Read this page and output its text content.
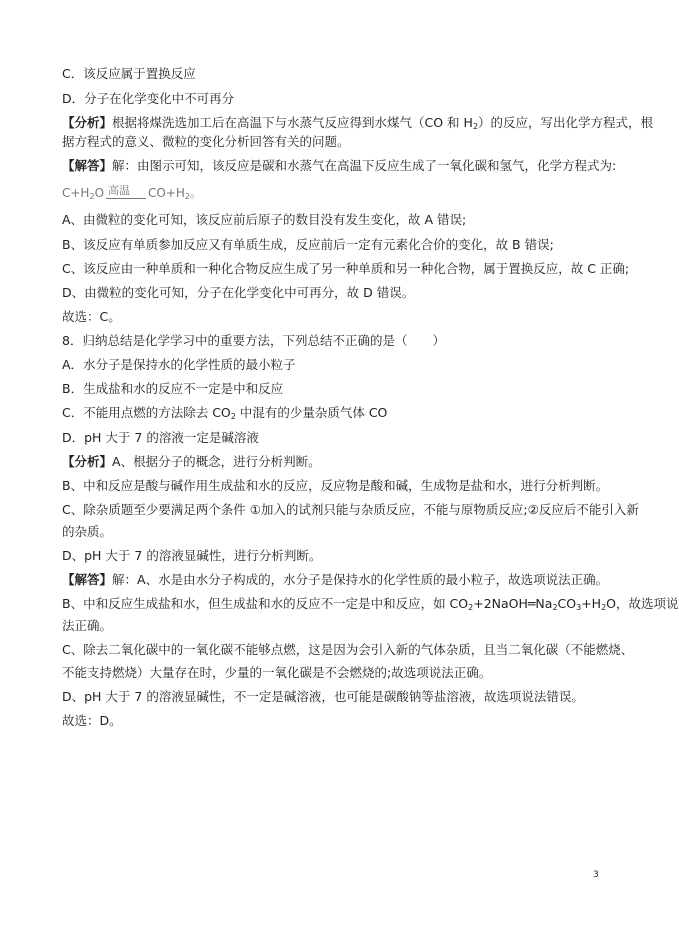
C．该反应属于置换反应
D．分子在化学变化中不可再分
【分析】根据将煤洗选加工后在高温下与水蒸气反应得到水煤气（CO 和 $H_2$）的反应，写出化学方程式，根
据方程式的意义、微粒的变化分析回答有关的问题。
【解答】解：由图示可知，该反应是碳和水蒸气在高温下反应生成了一氧化碳和氢气，化学方程式为:
$C+H_2O$ 高温 $CO+H_2$。
A、由微粒的变化可知，该反应前后原子的数目没有发生变化，故 A 错误;
B、该反应有单质参加反应又有单质生成，反应前后一定有元素化合价的变化，故 B 错误;
C、该反应由一种单质和一种化合物反应生成了另一种单质和另一种化合物，属于置换反应，故 C 正确;
D、由微粒的变化可知，分子在化学变化中可再分，故 D 错误。
故选：C。
8．归纳总结是化学学习中的重要方法，下列总结不正确的是（　　）
A．水分子是保持水的化学性质的最小粒子
B．生成盐和水的反应不一定是中和反应
C．不能用点燃的方法除去 $CO_2$ 中混有的少量杂质气体 CO
D．pH 大于 7 的溶液一定是碱溶液
【分析】A、根据分子的概念，进行分析判断。
B、中和反应是酸与碱作用生成盐和水的反应，反应物是酸和碱，生成物是盐和水，进行分析判断。
C、除杂质题至少要满足两个条件 ①加入的试剂只能与杂质反应，不能与原物质反应;②反应后不能引入新
的杂质。
D、pH 大于 7 的溶液显碱性，进行分析判断。
【解答】解：A、水是由水分子构成的，水分子是保持水的化学性质的最小粒子，故选项说法正确。
B、中和反应生成盐和水，但生成盐和水的反应不一定是中和反应，如 $CO_2+2NaOH═Na_2CO_3+H_2O$，故选项说
法正确。
C、除去二氧化碳中的一氧化碳不能够点燃，这是因为会引入新的气体杂质，且当二氧化碳（不能燃烧、
不能支持燃烧）大量存在时，少量的一氧化碳是不会燃烧的;故选项说法正确。
D、pH 大于 7 的溶液显碱性，不一定是碱溶液，也可能是碳酸钠等盐溶液，故选项说法错误。
故选：D。
3
